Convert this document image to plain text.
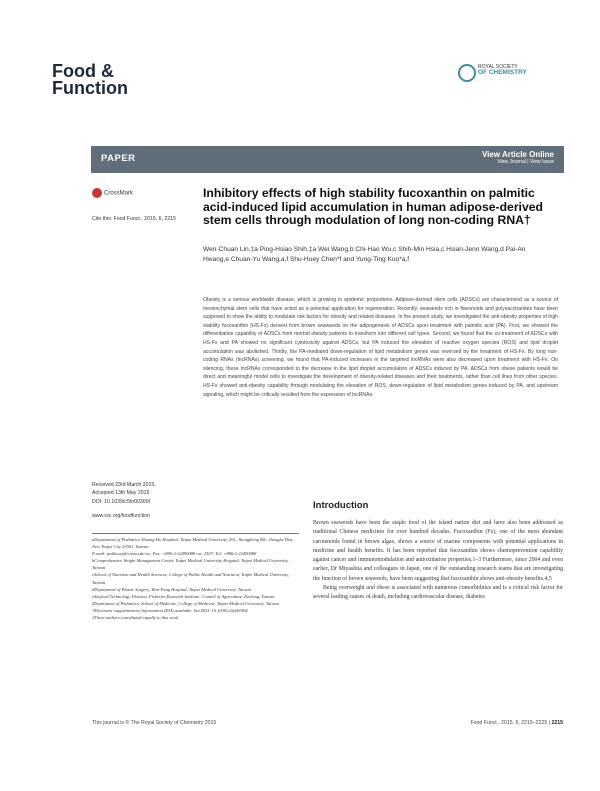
Food &
Function
ROYAL SOCIETY
OF CHEMISTRY
PAPER	View Article Online
View Journal | View Issue
CrossMark
Cite this: Food Funct., 2015, 6, 2215
Inhibitory effects of high stability fucoxanthin on palmitic acid-induced lipid accumulation in human adipose-derived stem cells through modulation of long non-coding RNA†
Wen-Chuan Lin,‡a Ping-Hsiao Shih,‡a Wei Wang,b Chi-Hao Wu,c Shih-Min Hsia,c Hsian-Jenn Wang,d Pai-An Hwang,e Chuan-Yu Wang,a,f Shu-Huey Chen*f and Yung-Ting Kuo*a,f
Obesity is a serious worldwide disease, which is growing in epidemic proportions. Adipose-derived stem cells (ADSCs) are characterized as a source of mesenchymal stem cells that have acted as a potential application for regeneration. Recently, seaweeds rich in flavonoids and polysaccharides have been supposed to show the ability to modulate risk factors for obesity and related diseases. In the present study, we investigated the anti-obesity properties of high stability fucoxanthin (HS-Fx) derived from brown seaweeds on the adipogenesis of ADSCs upon treatment with palmitic acid (PA). First, we showed the differentiation capability of ADSCs from morbid obesity patients to transform into different cell types. Second, we found that the co-treatment of ADSCs with HS-Fx and PA showed no significant cytotoxicity against ADSCs, but PA induced the elevation of reactive oxygen species (ROS) and lipid droplet accumulation was abolished. Thirdly, the PA-mediated down-regulation of lipid metabolism genes was reversed by the treatment of HS-Fx. By long non-coding RNAs (lncRNAs) screening, we found that PA-induced increases in the targeted lncRNAs were also decreased upon treatment with HS-Fx. On silencing, these lncRNAs corresponded to the decrease in the lipid droplet accumulation of ADSCs induced by PA. ADSCs from obese patients would be direct and meaningful model cells to investigate the development of obesity-related diseases and their treatments, rather than cell lines from other species. HS-Fx showed anti-obesity capability through modulating the elevation of ROS, down-regulation of lipid metabolism genes induced by PA, and upstream signaling, which might be critically resulted from the expression of lncRNAs.
Received 23rd March 2015,
Accepted 13th May 2015
DOI: 10.1039/c5fo00300f
www.rsc.org/foodfunction
Introduction

Brown seaweeds have been the staple food of the island nation diet and have also been addressed as traditional Chinese medicines for over hundred decades. Fucoxanthin (Fx), one of the most abundant carotenoids found in brown algae, shows a source of marine components with potential applications in medicine and health benefits. It has been reported that fucoxanthin shows chemoprevention capability against cancer and immunomodulation and antioxidation properties.1–3 Furthermore, since 2004 and even earlier, Dr Miyashita and colleagues in Japan, one of the outstanding research teams that are investigating the function of brown seaweeds, have been suggesting that fucoxanthin shows anti-obesity benefits.4,5

Being overweight and obese is associated with numerous comorbidities and is a critical risk factor for several leading causes of death, including cardiovascular disease, diabetes

aDepartment of Pediatrics Shuang Ho Hospital, Taipei Medical University, 291, Jhongjheng Rd., Jhonghe Dist., New Taipei City 23561, Taiwan.
E-mail: pedkuoyt@s.tmu.edu.tw; Fax: +886-2-22490088 ext. 2507; Tel: +886-2-22490088
bComprehensive Weight Management Center, Taipei Medical University Hospital, Taipei Medical University, Taiwan
cSchool of Nutrition and Health Sciences, College of Public Health and Nutrition, Taipei Medical University, Taiwan
dDepartment of Plastic Surgery, Wan-Fang Hospital, Taipei Medical University, Taiwan
eSeafood Technology Division, Fisheries Research Institute, Council of Agriculture, Keelung, Taiwan
fDepartment of Pediatrics, School of Medicine, College of Medicine, Taipei Medical University, Taiwan
†Electronic supplementary information (ESI) available. See DOI: 10.1039/c5fo00300f
‡These authors contributed equally to this work.
This journal is © The Royal Society of Chemistry 2015	Food Funct., 2015, 6, 2215–2225 | 2215
